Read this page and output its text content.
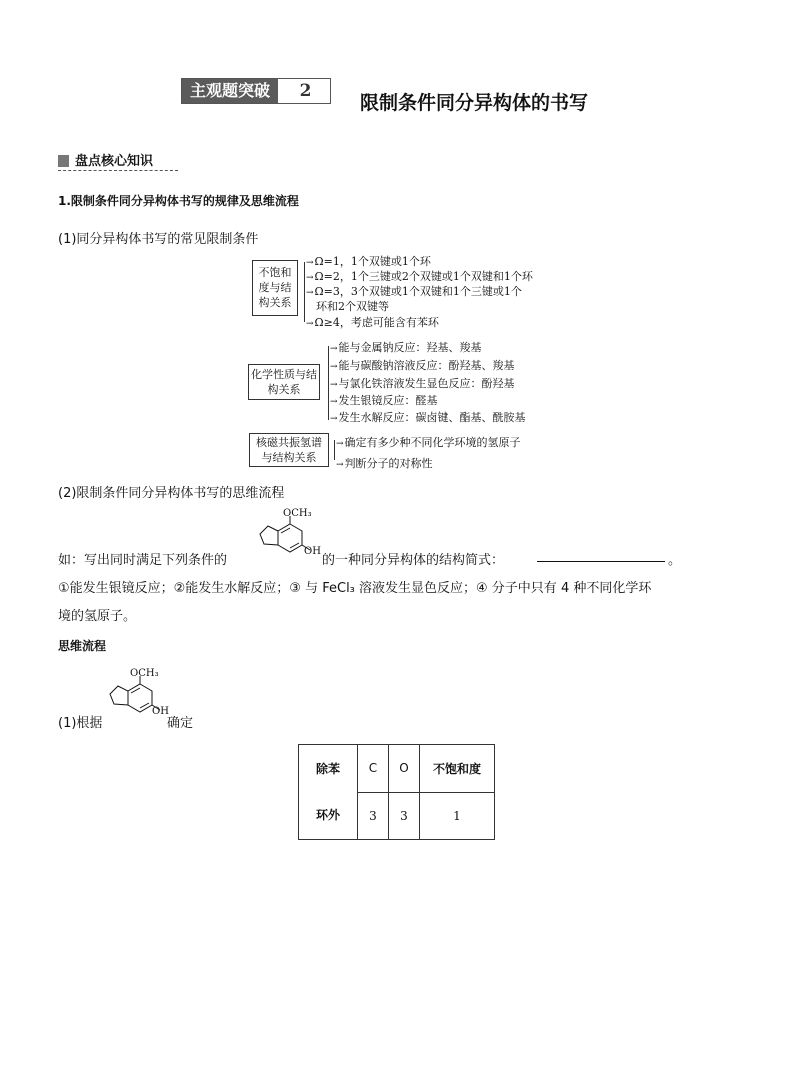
主观题突破	2
限制条件同分异构体的书写
盘点核心知识
1.限制条件同分异构体书写的规律及思维流程
(1)同分异构体书写的常见限制条件
不饱和度与结构关系
→ Ω=1，1个双键或1个环
→ Ω=2，1个三键或2个双键或1个双键和1个环
→ Ω=3，3个双键或1个双键和1个三键或1个
环和2个双键等
→ Ω≥4，考虑可能含有苯环
化学性质与结构关系
→ 能与金属钠反应：羟基、羧基
→ 能与碳酸钠溶液反应：酚羟基、羧基
→ 与氯化铁溶液发生显色反应：酚羟基
→ 发生银镜反应：醛基
→ 发生水解反应：碳卤键、酯基、酰胺基
核磁共振氢谱与结构关系
→ 确定有多少种不同化学环境的氢原子
→ 判断分子的对称性
(2)限制条件同分异构体书写的思维流程
OCH₃
OH
如：写出同时满足下列条件的	的一种同分异构体的结构简式：	。
①能发生银镜反应；②能发生水解反应；③ 与 FeCl₃ 溶液发生显色反应；④ 分子中只有 4 种不同化学环
境的氢原子。
思维流程
OCH₃
OH
(1)根据	确定
除苯环外	C	O	不饱和度
	3	3	1
